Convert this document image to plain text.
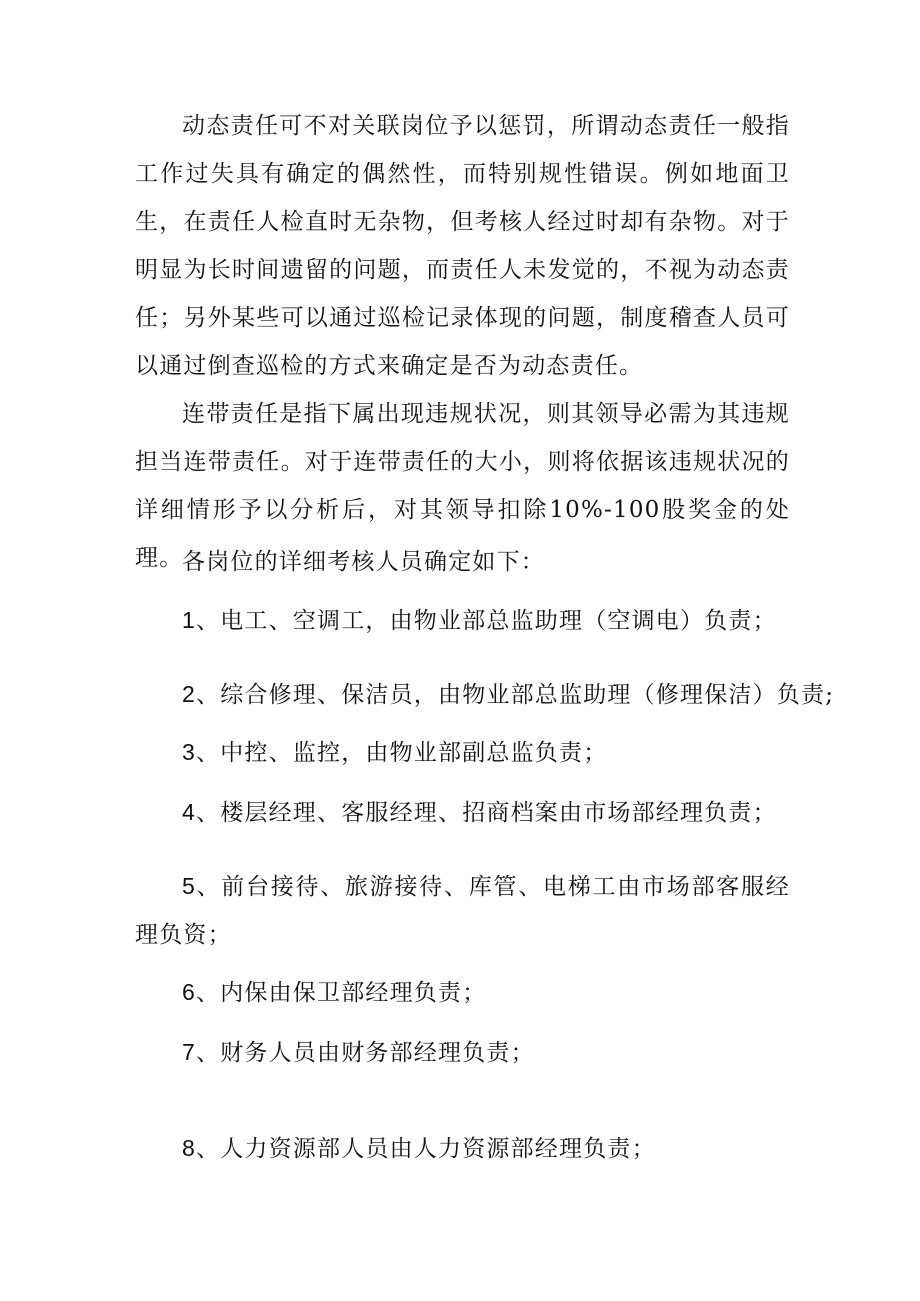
动态责任可不对关联岗位予以惩罚，所谓动态责任一般指工作过失具有确定的偶然性，而特别规性错误。例如地面卫生，在责任人检直时无杂物，但考核人经过时却有杂物。对于明显为长时间遗留的问题，而责任人未发觉的，不视为动态责任；另外某些可以通过巡检记录体现的问题，制度稽查人员可以通过倒查巡检的方式来确定是否为动态责任。

连带责任是指下属出现违规状况，则其领导必需为其违规担当连带责任。对于连带责任的大小，则将依据该违规状况的详细情形予以分析后，对其领导扣除10%-100股奖金的处理。

各岗位的详细考核人员确定如下：

1、电工、空调工，由物业部总监助理（空调电）负责；

2、综合修理、保洁员，由物业部总监助理（修理保洁）负责;

3、中控、监控，由物业部副总监负责；

4、楼层经理、客服经理、招商档案由市场部经理负责；

5、前台接待、旅游接待、库管、电梯工由市场部客服经理负资；

6、内保由保卫部经理负责；

7、财务人员由财务部经理负责；

8、人力资源部人员由人力资源部经理负责；
